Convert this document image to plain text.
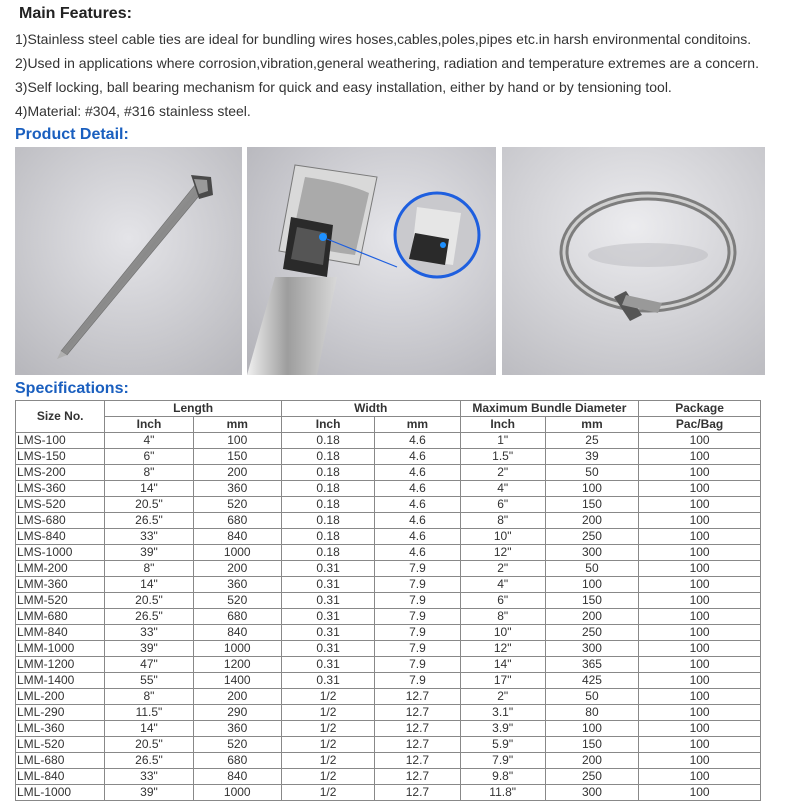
Main Features:
1)Stainless steel cable ties are ideal for bundling wires hoses,cables,poles,pipes etc.in harsh environmental conditoins.
2)Used in applications where corrosion,vibration,general weathering, radiation and temperature extremes are a concern.
3)Self locking, ball bearing mechanism for quick and easy installation, either by hand or by tensioning tool.
4)Material: #304, #316 stainless steel.
Product Detail:
Specifications:
Size No.	Length		Width		Maximum Bundle Diameter		Package
	Inch	mm	Inch	mm	Inch	mm	Pac/Bag
LMS-100	4"	100	0.18	4.6	1"	25	100
LMS-150	6"	150	0.18	4.6	1.5"	39	100
LMS-200	8"	200	0.18	4.6	2"	50	100
LMS-360	14"	360	0.18	4.6	4"	100	100
LMS-520	20.5"	520	0.18	4.6	6"	150	100
LMS-680	26.5"	680	0.18	4.6	8"	200	100
LMS-840	33"	840	0.18	4.6	10"	250	100
LMS-1000	39"	1000	0.18	4.6	12"	300	100
LMM-200	8"	200	0.31	7.9	2"	50	100
LMM-360	14"	360	0.31	7.9	4"	100	100
LMM-520	20.5"	520	0.31	7.9	6"	150	100
LMM-680	26.5"	680	0.31	7.9	8"	200	100
LMM-840	33"	840	0.31	7.9	10"	250	100
LMM-1000	39"	1000	0.31	7.9	12"	300	100
LMM-1200	47"	1200	0.31	7.9	14"	365	100
LMM-1400	55"	1400	0.31	7.9	17"	425	100
LML-200	8"	200	1/2	12.7	2"	50	100
LML-290	11.5"	290	1/2	12.7	3.1"	80	100
LML-360	14"	360	1/2	12.7	3.9"	100	100
LML-520	20.5"	520	1/2	12.7	5.9"	150	100
LML-680	26.5"	680	1/2	12.7	7.9"	200	100
LML-840	33"	840	1/2	12.7	9.8"	250	100
LML-1000	39"	1000	1/2	12.7	11.8"	300	100
